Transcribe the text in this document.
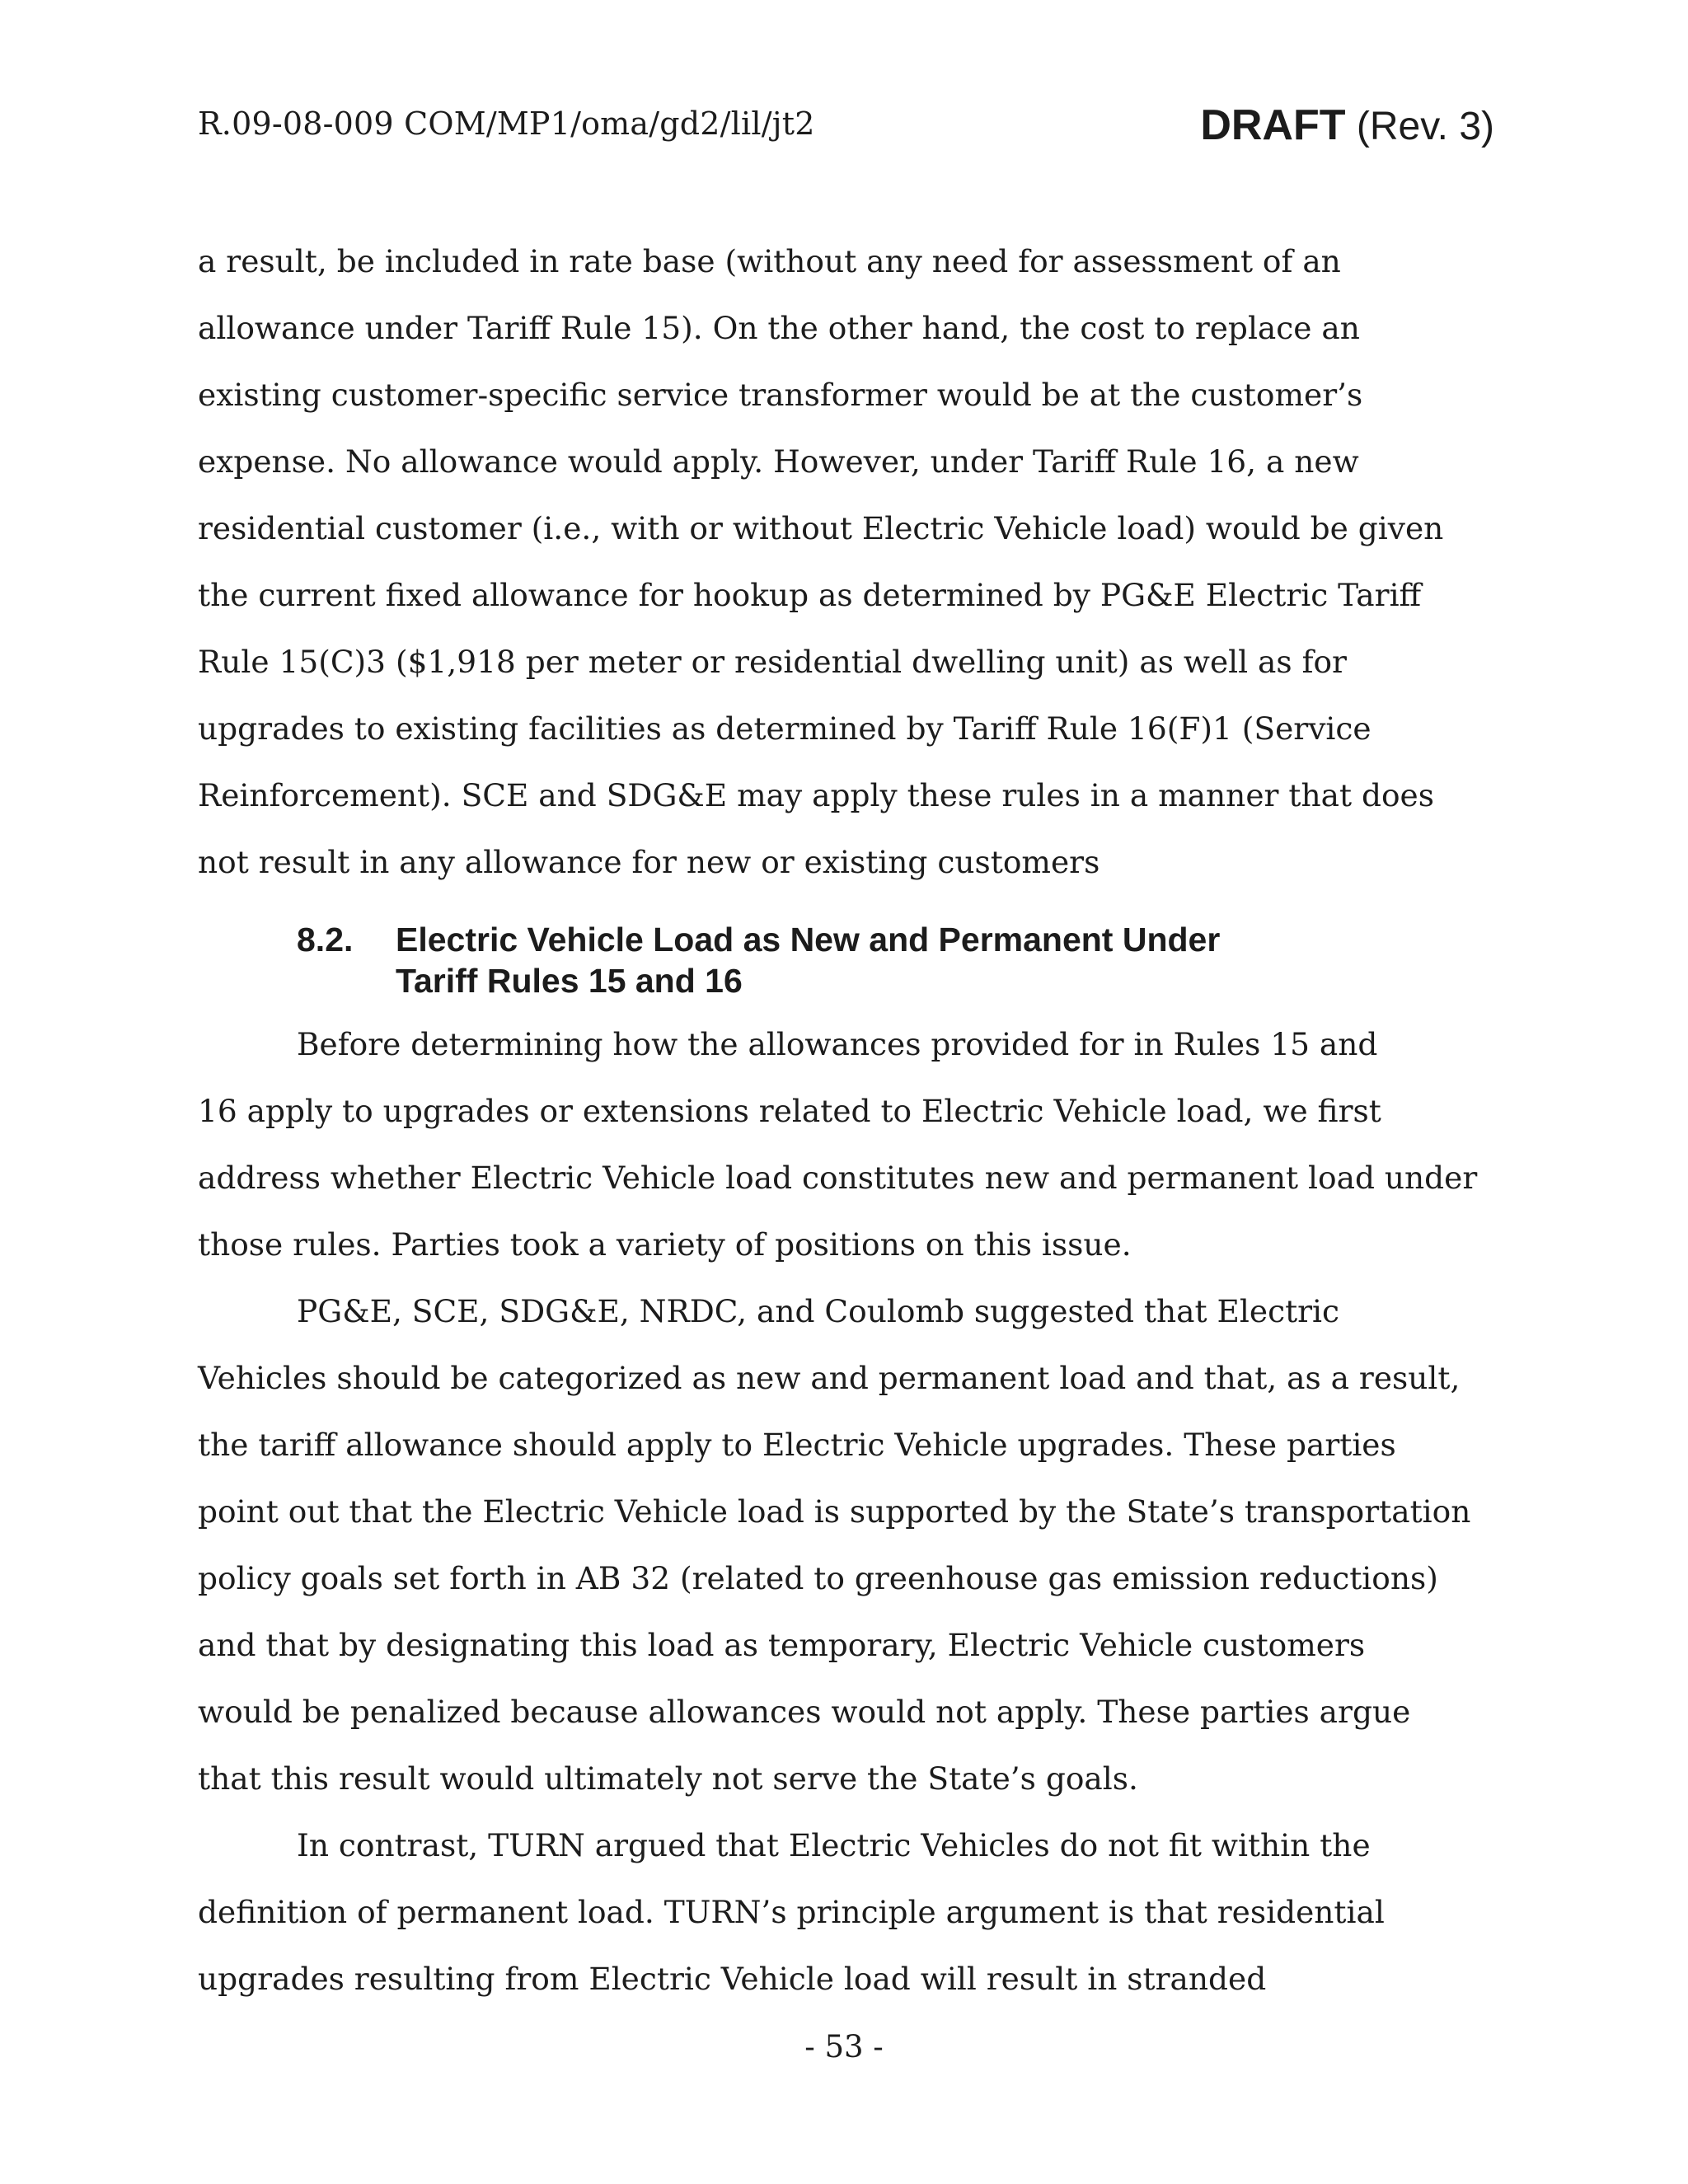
R.09-08-009 COM/MP1/oma/gd2/lil/jt2	DRAFT (Rev. 3)
a result, be included in rate base (without any need for assessment of an
allowance under Tariff Rule 15). On the other hand, the cost to replace an
existing customer-specific service transformer would be at the customer’s
expense. No allowance would apply. However, under Tariff Rule 16, a new
residential customer (i.e., with or without Electric Vehicle load) would be given
the current fixed allowance for hookup as determined by PG&E Electric Tariff
Rule 15(C)3 ($1,918 per meter or residential dwelling unit) as well as for
upgrades to existing facilities as determined by Tariff Rule 16(F)1 (Service
Reinforcement). SCE and SDG&E may apply these rules in a manner that does
not result in any allowance for new or existing customers
8.2.	Electric Vehicle Load as New and Permanent Under
Tariff Rules 15 and 16
Before determining how the allowances provided for in Rules 15 and
16 apply to upgrades or extensions related to Electric Vehicle load, we first
address whether Electric Vehicle load constitutes new and permanent load under
those rules. Parties took a variety of positions on this issue.
PG&E, SCE, SDG&E, NRDC, and Coulomb suggested that Electric
Vehicles should be categorized as new and permanent load and that, as a result,
the tariff allowance should apply to Electric Vehicle upgrades. These parties
point out that the Electric Vehicle load is supported by the State’s transportation
policy goals set forth in AB 32 (related to greenhouse gas emission reductions)
and that by designating this load as temporary, Electric Vehicle customers
would be penalized because allowances would not apply. These parties argue
that this result would ultimately not serve the State’s goals.
In contrast, TURN argued that Electric Vehicles do not fit within the
definition of permanent load. TURN’s principle argument is that residential
upgrades resulting from Electric Vehicle load will result in stranded
- 53 -
